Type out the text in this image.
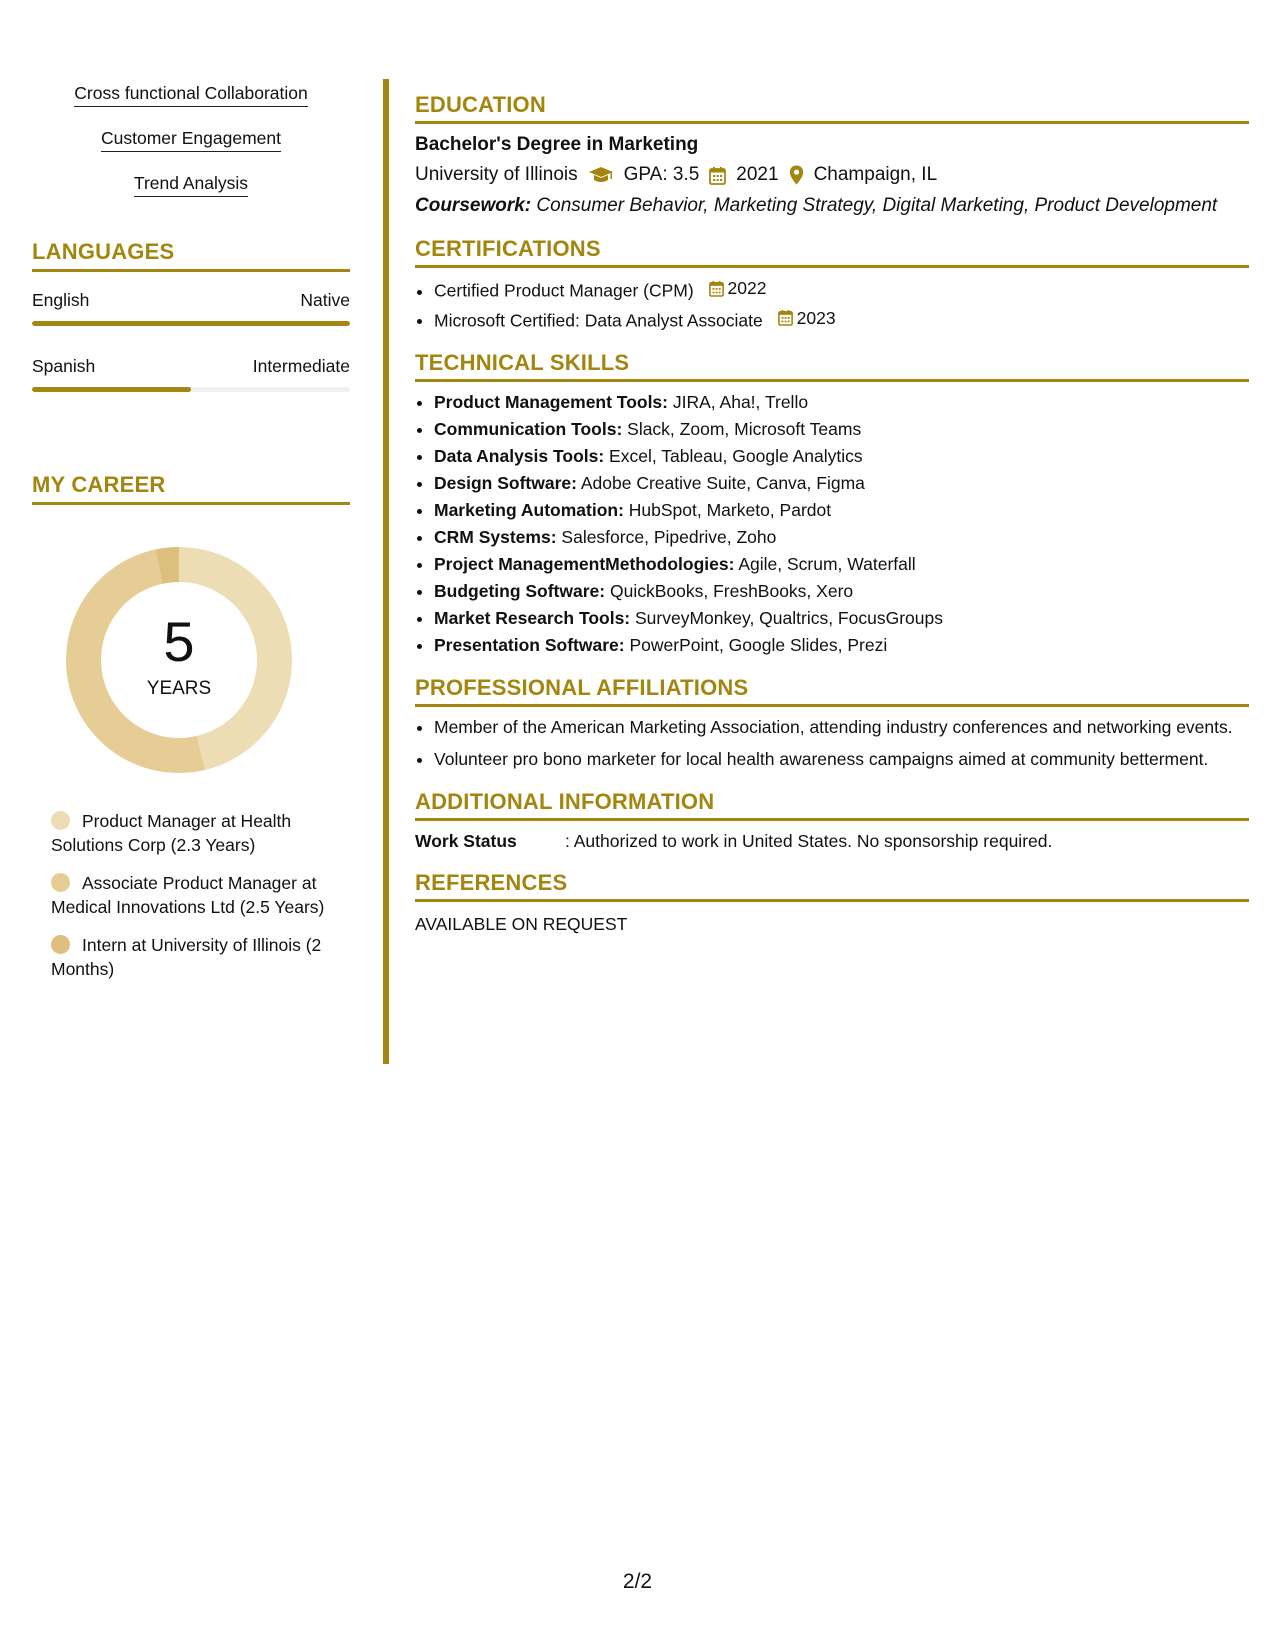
Cross functional Collaboration
Customer Engagement
Trend Analysis
LANGUAGES
English	Native
Spanish	Intermediate
MY CAREER
5
YEARS
Product Manager at Health Solutions Corp (2.3 Years)
Associate Product Manager at Medical Innovations Ltd (2.5 Years)
Intern at University of Illinois (2 Months)
EDUCATION
Bachelor's Degree in Marketing
University of Illinois GPA: 3.5 2021 Champaign, IL
Coursework: Consumer Behavior, Marketing Strategy, Digital Marketing, Product Development
CERTIFICATIONS
• Certified Product Manager (CPM) 2022
• Microsoft Certified: Data Analyst Associate 2023
TECHNICAL SKILLS
• Product Management Tools: JIRA, Aha!, Trello
• Communication Tools: Slack, Zoom, Microsoft Teams
• Data Analysis Tools: Excel, Tableau, Google Analytics
• Design Software: Adobe Creative Suite, Canva, Figma
• Marketing Automation: HubSpot, Marketo, Pardot
• CRM Systems: Salesforce, Pipedrive, Zoho
• Project ManagementMethodologies: Agile, Scrum, Waterfall
• Budgeting Software: QuickBooks, FreshBooks, Xero
• Market Research Tools: SurveyMonkey, Qualtrics, FocusGroups
• Presentation Software: PowerPoint, Google Slides, Prezi
PROFESSIONAL AFFILIATIONS
• Member of the American Marketing Association, attending industry conferences and networking events.
• Volunteer pro bono marketer for local health awareness campaigns aimed at community betterment.
ADDITIONAL INFORMATION
Work Status	: Authorized to work in United States. No sponsorship required.
REFERENCES
AVAILABLE ON REQUEST
2/2
